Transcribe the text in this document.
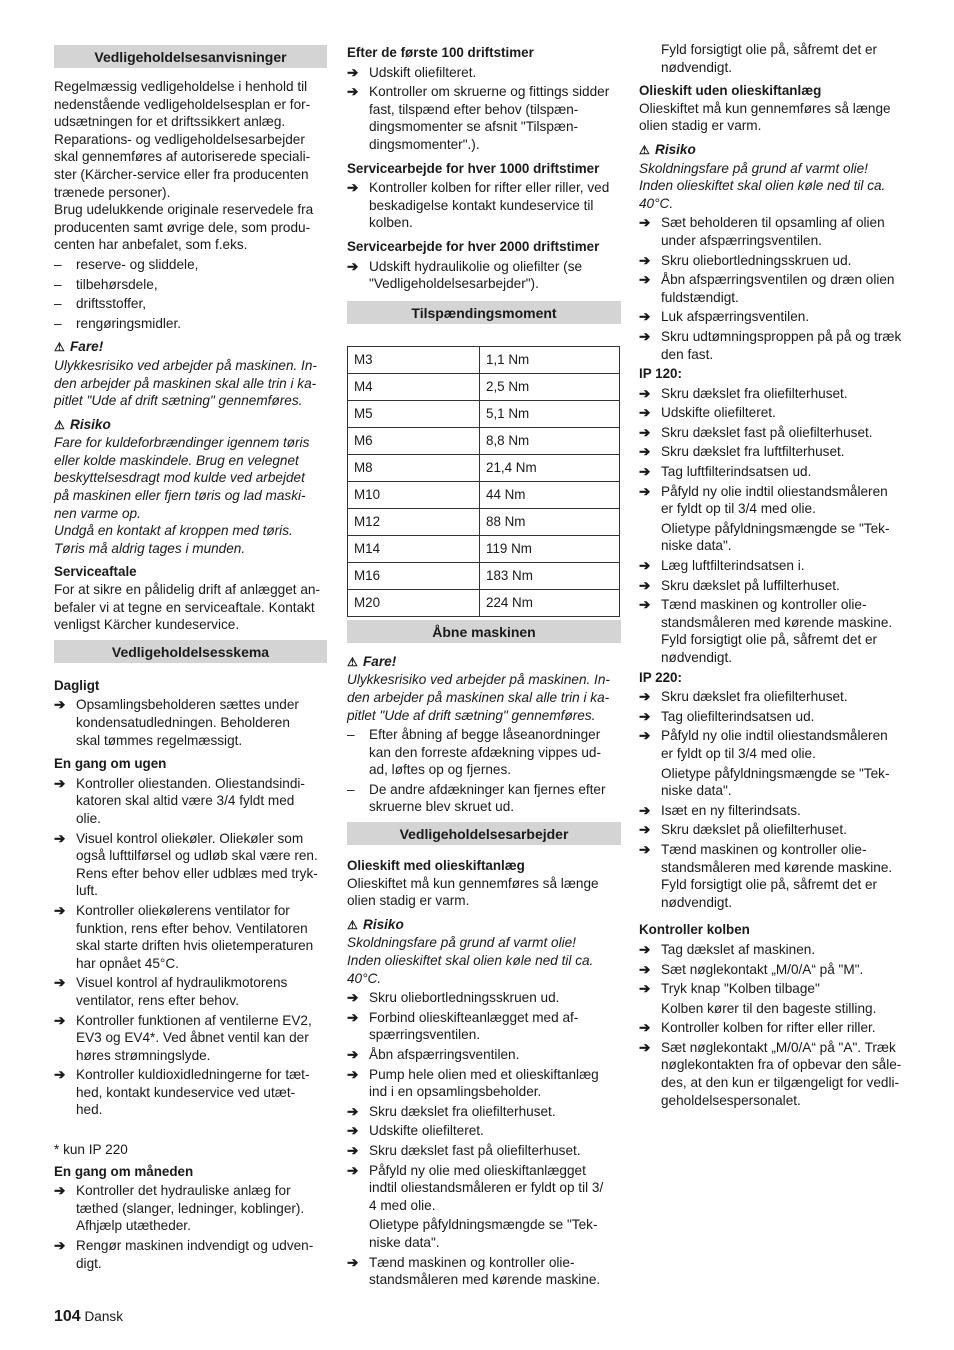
Vedligeholdelsesanvisninger
Regelmæssig vedligeholdelse i henhold til
nedenstående vedligeholdelsesplan er for-
udsætningen for et driftssikkert anlæg.
Reparations- og vedligeholdelsesarbejder
skal gennemføres af autoriserede speciali-
ster (Kärcher-service eller fra producenten
trænede personer).
Brug udelukkende originale reservedele fra
producenten samt øvrige dele, som produ-
centen har anbefalet, som f.eks.
– reserve- og sliddele,
– tilbehørsdele,
– driftsstoffer,
– rengøringsmidler.
⚠ Fare!
Ulykkesrisiko ved arbejder på maskinen. In-
den arbejder på maskinen skal alle trin i ka-
pitlet "Ude af drift sætning" gennemføres.
⚠ Risiko
Fare for kuldeforbrændinger igennem tøris
eller kolde maskindele. Brug en velegnet
beskyttelsesdragt mod kulde ved arbejdet
på maskinen eller fjern tøris og lad maski-
nen varme op.
Undgå en kontakt af kroppen med tøris.
Tøris må aldrig tages i munden.
Serviceaftale
For at sikre en pålidelig drift af anlægget an-
befaler vi at tegne en serviceaftale. Kontakt
venligst Kärcher kundeservice.
Vedligeholdelsesskema
Dagligt
➔ Opsamlingsbeholderen sættes under
kondensatudledningen. Beholderen
skal tømmes regelmæssigt.
En gang om ugen
➔ Kontroller oliestanden. Oliestandsindi-
katoren skal altid være 3/4 fyldt med
olie.
➔ Visuel kontrol oliekøler. Oliekøler som
også lufttilførsel og udløb skal være ren.
Rens efter behov eller udblæs med tryk-
luft.
➔ Kontroller oliekølerens ventilator for
funktion, rens efter behov. Ventilatoren
skal starte driften hvis olietemperaturen
har opnået 45°C.
➔ Visuel kontrol af hydraulikmotorens
ventilator, rens efter behov.
➔ Kontroller funktionen af ventilerne EV2,
EV3 og EV4*. Ved åbnet ventil kan der
høres strømningslyde.
➔ Kontroller kuldioxidledningerne for tæt-
hed, kontakt kundeservice ved utæt-
hed.
* kun IP 220
En gang om måneden
➔ Kontroller det hydrauliske anlæg for
tæthed (slanger, ledninger, koblinger).
Afhjælp utætheder.
➔ Rengør maskinen indvendigt og udven-
digt.
Efter de første 100 driftstimer
➔ Udskift oliefilteret.
➔ Kontroller om skruerne og fittings sidder
fast, tilspænd efter behov (tilspæn-
dingsmomenter se afsnit "Tilspæn-
dingsmomenter".).
Servicearbejde for hver 1000 driftstimer
➔ Kontroller kolben for rifter eller riller, ved
beskadigelse kontakt kundeservice til
kolben.
Servicearbejde for hver 2000 driftstimer
➔ Udskift hydraulikolie og oliefilter (se
"Vedligeholdelsesarbejder").
Tilspændingsmoment
M3	1,1 Nm
M4	2,5 Nm
M5	5,1 Nm
M6	8,8 Nm
M8	21,4 Nm
M10	44 Nm
M12	88 Nm
M14	119 Nm
M16	183 Nm
M20	224 Nm
Åbne maskinen
⚠ Fare!
Ulykkesrisiko ved arbejder på maskinen. In-
den arbejder på maskinen skal alle trin i ka-
pitlet "Ude af drift sætning" gennemføres.
– Efter åbning af begge låseanordninger
kan den forreste afdækning vippes ud-
ad, løftes op og fjernes.
– De andre afdækninger kan fjernes efter
skruerne blev skruet ud.
Vedligeholdelsesarbejder
Olieskift med olieskiftanlæg
Olieskiftet må kun gennemføres så længe
olien stadig er varm.
⚠ Risiko
Skoldningsfare på grund af varmt olie!
Inden olieskiftet skal olien køle ned til ca.
40°C.
➔ Skru oliebortledningsskruen ud.
➔ Forbind olieskifteanlægget med af-
spærringsventilen.
➔ Åbn afspærringsventilen.
➔ Pump hele olien med et olieskiftanlæg
ind i en opsamlingsbeholder.
➔ Skru dækslet fra oliefilterhuset.
➔ Udskifte oliefilteret.
➔ Skru dækslet fast på oliefilterhuset.
➔ Påfyld ny olie med olieskiftanlægget
indtil oliestandsmåleren er fyldt op til 3/
4 med olie.
Olietype påfyldningsmængde se "Tek-
niske data".
➔ Tænd maskinen og kontroller olie-
standsmåleren med kørende maskine.
Fyld forsigtigt olie på, såfremt det er
nødvendigt.
Olieskift uden olieskiftanlæg
Olieskiftet må kun gennemføres så længe
olien stadig er varm.
⚠ Risiko
Skoldningsfare på grund af varmt olie!
Inden olieskiftet skal olien køle ned til ca.
40°C.
➔ Sæt beholderen til opsamling af olien
under afspærringsventilen.
➔ Skru oliebortledningsskruen ud.
➔ Åbn afspærringsventilen og dræn olien
fuldstændigt.
➔ Luk afspærringsventilen.
➔ Skru udtømningsproppen på på og træk
den fast.
IP 120:
➔ Skru dækslet fra oliefilterhuset.
➔ Udskifte oliefilteret.
➔ Skru dækslet fast på oliefilterhuset.
➔ Skru dækslet fra luftfilterhuset.
➔ Tag luftfilterindsatsen ud.
➔ Påfyld ny olie indtil oliestandsmåleren
er fyldt op til 3/4 med olie.
Olietype påfyldningsmængde se "Tek-
niske data".
➔ Læg luftfilterindsatsen i.
➔ Skru dækslet på luffilterhuset.
➔ Tænd maskinen og kontroller olie-
standsmåleren med kørende maskine.
Fyld forsigtigt olie på, såfremt det er
nødvendigt.
IP 220:
➔ Skru dækslet fra oliefilterhuset.
➔ Tag oliefilterindsatsen ud.
➔ Påfyld ny olie indtil oliestandsmåleren
er fyldt op til 3/4 med olie.
Olietype påfyldningsmængde se "Tek-
niske data".
➔ Isæt en ny filterindsats.
➔ Skru dækslet på oliefilterhuset.
➔ Tænd maskinen og kontroller olie-
standsmåleren med kørende maskine.
Fyld forsigtigt olie på, såfremt det er
nødvendigt.
Kontroller kolben
➔ Tag dækslet af maskinen.
➔ Sæt nøglekontakt „M/0/A“ på "M".
➔ Tryk knap "Kolben tilbage"
Kolben kører til den bageste stilling.
➔ Kontroller kolben for rifter eller riller.
➔ Sæt nøglekontakt „M/0/A“ på "A". Træk
nøglekontakten fra of opbevar den såle-
des, at den kun er tilgængeligt for vedli-
geholdelsespersonalet.
104 Dansk
